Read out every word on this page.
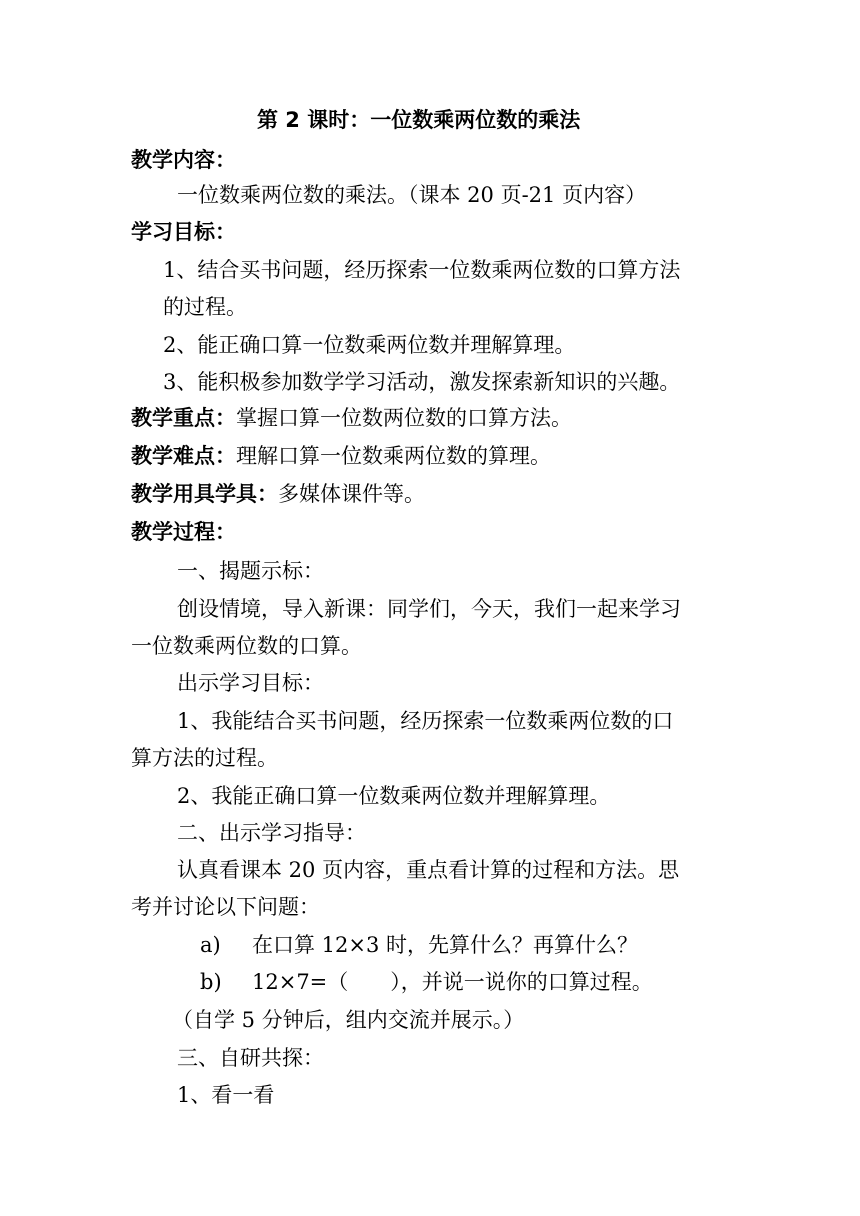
第 2 课时：一位数乘两位数的乘法
教学内容：
一位数乘两位数的乘法。（课本 20 页-21 页内容）
学习目标：
1、结合买书问题，经历探索一位数乘两位数的口算方法
的过程。
2、能正确口算一位数乘两位数并理解算理。
3、能积极参加数学学习活动，激发探索新知识的兴趣。
教学重点：掌握口算一位数两位数的口算方法。
教学难点：理解口算一位数乘两位数的算理。
教学用具学具：多媒体课件等。
教学过程：
一、揭题示标：
创设情境，导入新课：同学们，今天，我们一起来学习
一位数乘两位数的口算。
出示学习目标：
1、我能结合买书问题，经历探索一位数乘两位数的口
算方法的过程。
2、我能正确口算一位数乘两位数并理解算理。
二、出示学习指导：
认真看课本 20 页内容，重点看计算的过程和方法。思
考并讨论以下问题：
a) 在口算 12×3 时，先算什么？再算什么？
b) 12×7=（　　），并说一说你的口算过程。
（自学 5 分钟后，组内交流并展示。）
三、自研共探：
1、看一看
